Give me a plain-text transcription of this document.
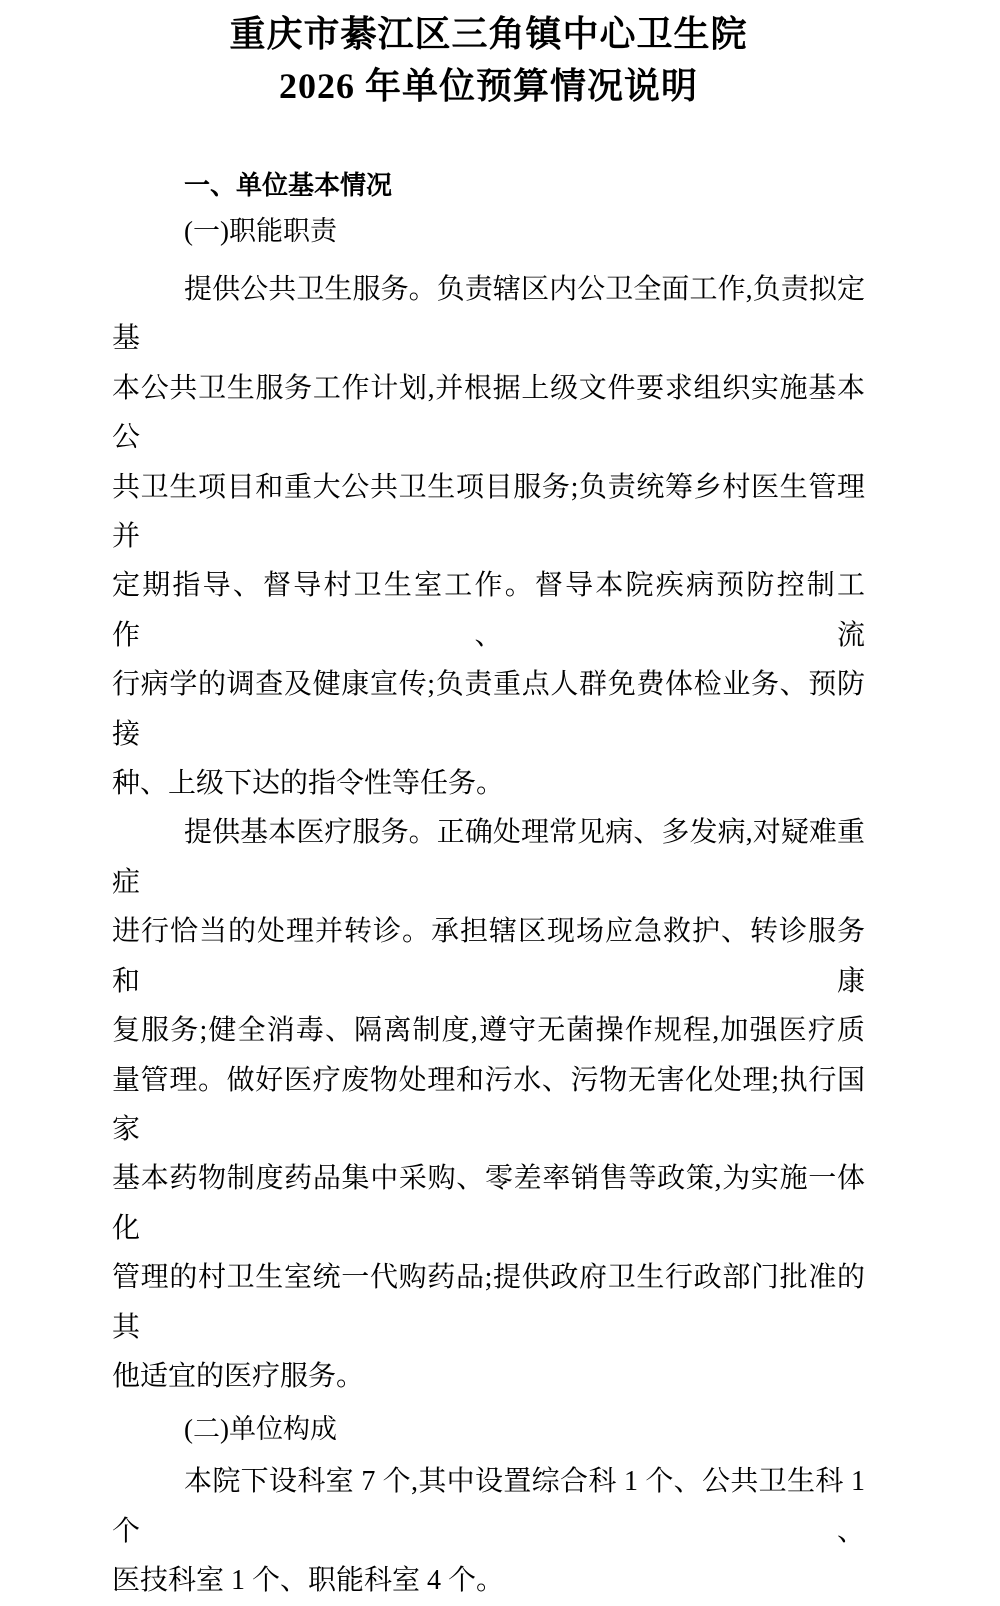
重庆市綦江区三角镇中心卫生院
2026 年单位预算情况说明
一、单位基本情况
(一)职能职责
提供公共卫生服务。负责辖区内公卫全面工作,负责拟定基
本公共卫生服务工作计划,并根据上级文件要求组织实施基本公
共卫生项目和重大公共卫生项目服务;负责统筹乡村医生管理并
定期指导、督导村卫生室工作。督导本院疾病预防控制工作、流
行病学的调查及健康宣传;负责重点人群免费体检业务、预防接
种、上级下达的指令性等任务。
提供基本医疗服务。正确处理常见病、多发病,对疑难重症
进行恰当的处理并转诊。承担辖区现场应急救护、转诊服务和康
复服务;健全消毒、隔离制度,遵守无菌操作规程,加强医疗质
量管理。做好医疗废物处理和污水、污物无害化处理;执行国家
基本药物制度药品集中采购、零差率销售等政策,为实施一体化
管理的村卫生室统一代购药品;提供政府卫生行政部门批准的其
他适宜的医疗服务。
(二)单位构成
本院下设科室 7 个,其中设置综合科 1 个、公共卫生科 1 个、
医技科室 1 个、职能科室 4 个。
